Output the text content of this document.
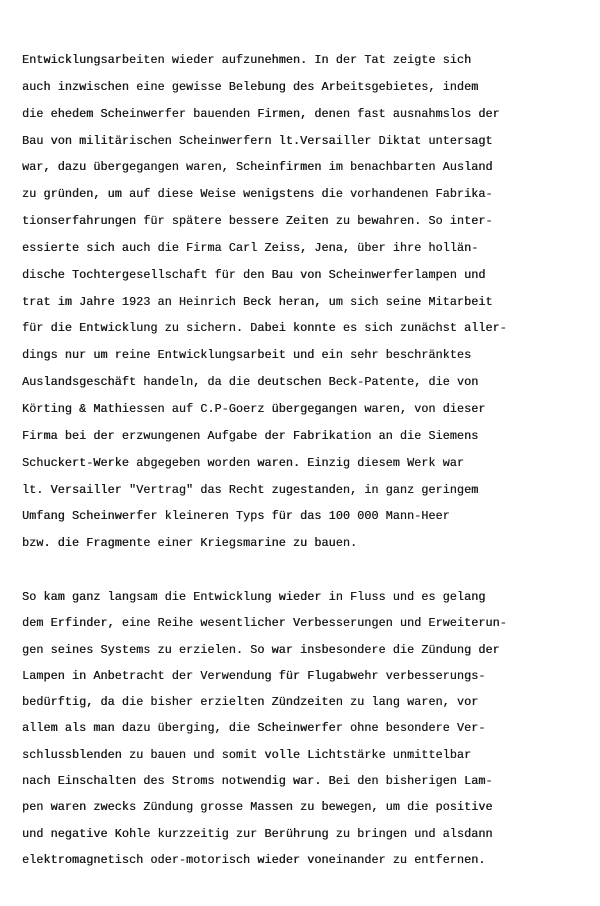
Entwicklungsarbeiten wieder aufzunehmen. In der Tat zeigte sich
auch inzwischen eine gewisse Belebung des Arbeitsgebietes, indem
die ehedem Scheinwerfer bauenden Firmen, denen fast ausnahmslos der
Bau von militärischen Scheinwerfern lt.Versailler Diktat untersagt
war, dazu übergegangen waren, Scheinfirmen im benachbarten Ausland
zu gründen, um auf diese Weise wenigstens die vorhandenen Fabrika-
tionserfahrungen für spätere bessere Zeiten zu bewahren. So inter-
essierte sich auch die Firma Carl Zeiss, Jena, über ihre hollän-
dische Tochtergesellschaft für den Bau von Scheinwerferlampen und
trat im Jahre 1923 an Heinrich Beck heran, um sich seine Mitarbeit
für die Entwicklung zu sichern. Dabei konnte es sich zunächst aller-
dings nur um reine Entwicklungsarbeit und ein sehr beschränktes
Auslandsgeschäft handeln, da die deutschen Beck-Patente, die von
Körting & Mathiessen auf C.P-Goerz übergegangen waren, von dieser
Firma bei der erzwungenen Aufgabe der Fabrikation an die Siemens
Schuckert-Werke abgegeben worden waren. Einzig diesem Werk war
lt. Versailler "Vertrag" das Recht zugestanden, in ganz geringem
Umfang Scheinwerfer kleineren Typs für das 100 000 Mann-Heer
bzw. die Fragmente einer Kriegsmarine zu bauen.
So kam ganz langsam die Entwicklung wieder in Fluss und es gelang
dem Erfinder, eine Reihe wesentlicher Verbesserungen und Erweiterun-
gen seines Systems zu erzielen. So war insbesondere die Zündung der
Lampen in Anbetracht der Verwendung für Flugabwehr verbesserungs-
bedürftig, da die bisher erzielten Zündzeiten zu lang waren, vor
allem als man dazu überging, die Scheinwerfer ohne besondere Ver-
schlussblenden zu bauen und somit volle Lichtstärke unmittelbar
nach Einschalten des Stroms notwendig war. Bei den bisherigen Lam-
pen waren zwecks Zündung grosse Massen zu bewegen, um die positive
und negative Kohle kurzzeitig zur Berührung zu bringen und alsdann
elektromagnetisch oder-motorisch wieder voneinander zu entfernen.
